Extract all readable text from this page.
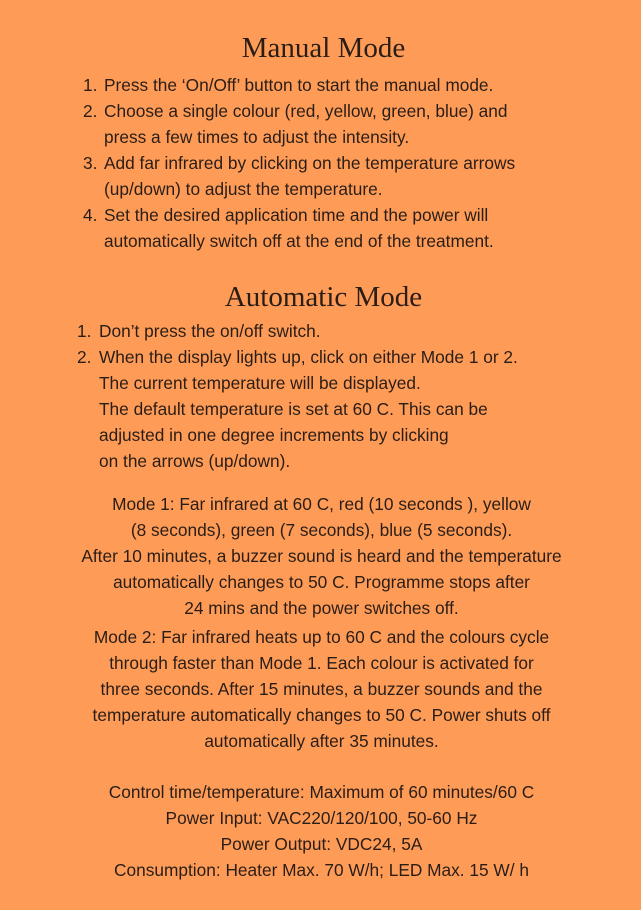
Manual Mode
1. Press the ‘On/Off’ button to start the manual mode.
2. Choose a single colour (red, yellow, green, blue) and
press a few times to adjust the intensity.
3. Add far infrared by clicking on the temperature arrows
(up/down) to adjust the temperature.
4. Set the desired application time and the power will
automatically switch off at the end of the treatment.
Automatic Mode
1. Don’t press the on/off switch.
2. When the display lights up, click on either Mode 1 or 2.
The current temperature will be displayed.
The default temperature is set at 60 C. This can be
adjusted in one degree increments by clicking
on the arrows (up/down).
Mode 1: Far infrared at 60 C, red (10 seconds ), yellow
(8 seconds), green (7 seconds), blue (5 seconds).
After 10 minutes, a buzzer sound is heard and the temperature
automatically changes to 50 C. Programme stops after
24 mins and the power switches off.
Mode 2: Far infrared heats up to 60 C and the colours cycle
through faster than Mode 1. Each colour is activated for
three seconds. After 15 minutes, a buzzer sounds and the
temperature automatically changes to 50 C. Power shuts off
automatically after 35 minutes.
Control time/temperature: Maximum of 60 minutes/60 C
Power Input: VAC220/120/100, 50-60 Hz
Power Output: VDC24, 5A
Consumption: Heater Max. 70 W/h; LED Max. 15 W/ h
